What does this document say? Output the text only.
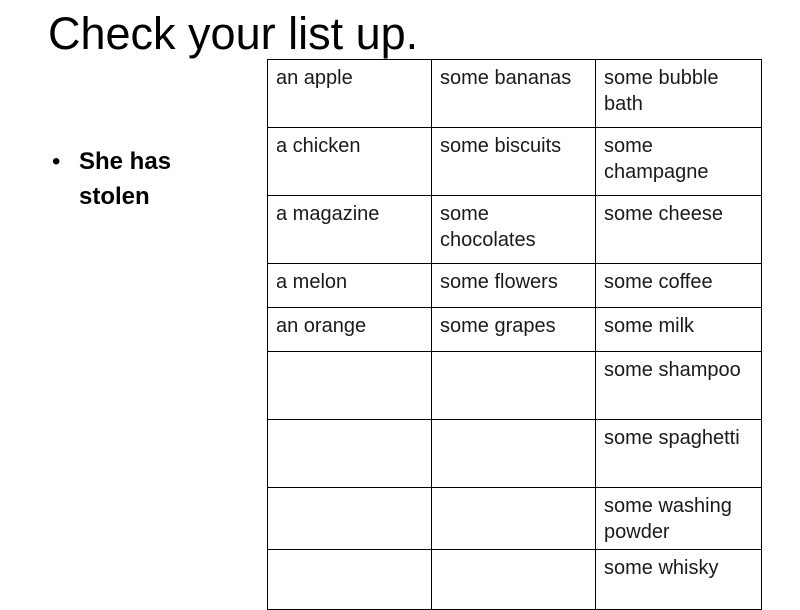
Check your list up.
• She has
stolen
an apple	some bananas	some bubble bath
a chicken	some biscuits	some champagne
a magazine	some chocolates	some cheese
a melon	some flowers	some coffee
an orange	some grapes	some milk
		some shampoo
		some spaghetti
		some washing powder
		some whisky
